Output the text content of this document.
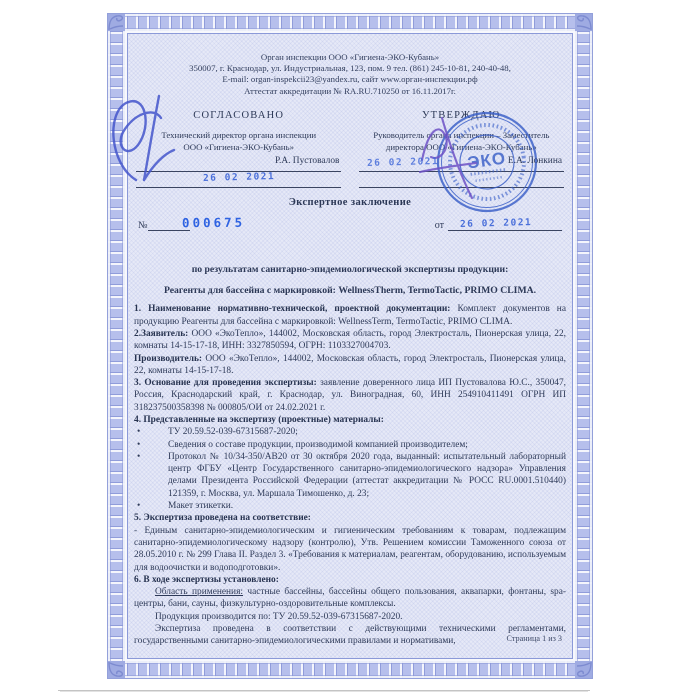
Орган инспекции ООО «Гигиена-ЭКО-Кубань»
350007, г. Краснодар, ул. Индустриальная, 123, пом. 9 тел. (861) 245-10-81, 240-40-48,
E-mail: organ-inspekcii23@yandex.ru, сайт www.орган-инспекции.рф
Аттестат аккредитации № RA.RU.710250 от 16.11.2017г.
СОГЛАСОВАНО
Технический директор органа инспекции
ООО «Гигиена-ЭКО-Кубань»
Р.А. Пустовалов
26 02 2021
УТВЕРЖДАЮ
Руководитель органа инспекции – Заместитель
директора ООО «Гигиена-ЭКО-Кубань»
26 02 2021	Е.А. Лонкина
Экспертное заключение
№	000675	от	26 02 2021
по результатам санитарно-эпидемиологической экспертизы продукции:
Реагенты для бассейна с маркировкой: WellnessTherm, TermoTactic, PRIMO CLIMA.

1. Наименование нормативно-технической, проектной документации: Комплект документов на продукцию Реагенты для бассейна с маркировкой: WellnessTerm, TermoTactic, PRIMO CLIMA.

2.Заявитель: ООО «ЭкоТепло», 144002, Московская область, город Электросталь, Пионерская улица, 22, комнаты 14-15-17-18, ИНН: 3327850594, ОГРН: 1103327004703.

Производитель: ООО «ЭкоТепло», 144002, Московская область, город Электросталь, Пионерская улица, 22, комнаты 14-15-17-18.

3. Основание для проведения экспертизы: заявление доверенного лица ИП Пустовалова Ю.С., 350047, Россия, Краснодарский край, г. Краснодар, ул. Виноградная, 60, ИНН 254910411491 ОГРН ИП 318237500358398 № 000805/ОИ от 24.02.2021 г.

4. Представленные на экспертизу (проектные) материалы:

•	ТУ 20.59.52-039-67315687-2020;

•	Сведения о составе продукции, производимой компанией производителем;

•	Протокол № 10/34-350/АВ20 от 30 октября 2020 года, выданный: испытательный лабораторный центр ФГБУ «Центр Государственного санитарно-эпидемиологического надзора» Управления делами Президента Российской Федерации (аттестат аккредитации № РОСС RU.0001.510440) 121359, г. Москва, ул. Маршала Тимошенко, д. 23;

•	Макет этикетки.

5. Экспертиза проведена на соответствие:

- Единым санитарно-эпидемиологическим и гигиеническим требованиям к товарам, подлежащим санитарно-эпидемиологическому надзору (контролю), Утв. Решением комиссии Таможенного союза от 28.05.2010 г. № 299 Глава II. Раздел 3. «Требования к материалам, реагентам, оборудованию, используемым для водоочистки и водоподготовки».

6. В ходе экспертизы установлено:

Область применения: частные бассейны, бассейны общего пользования, аквапарки, фонтаны, spa-центры, бани, сауны, физкультурно-оздоровительные комплексы.

Продукция производится по: ТУ 20.59.52-039-67315687-2020.

Экспертиза проведена в соответствии с действующими техническими регламентами, государственными санитарно-эпидемиологическими правилами и нормативами,	Страница 1 из 3
ЭКО
